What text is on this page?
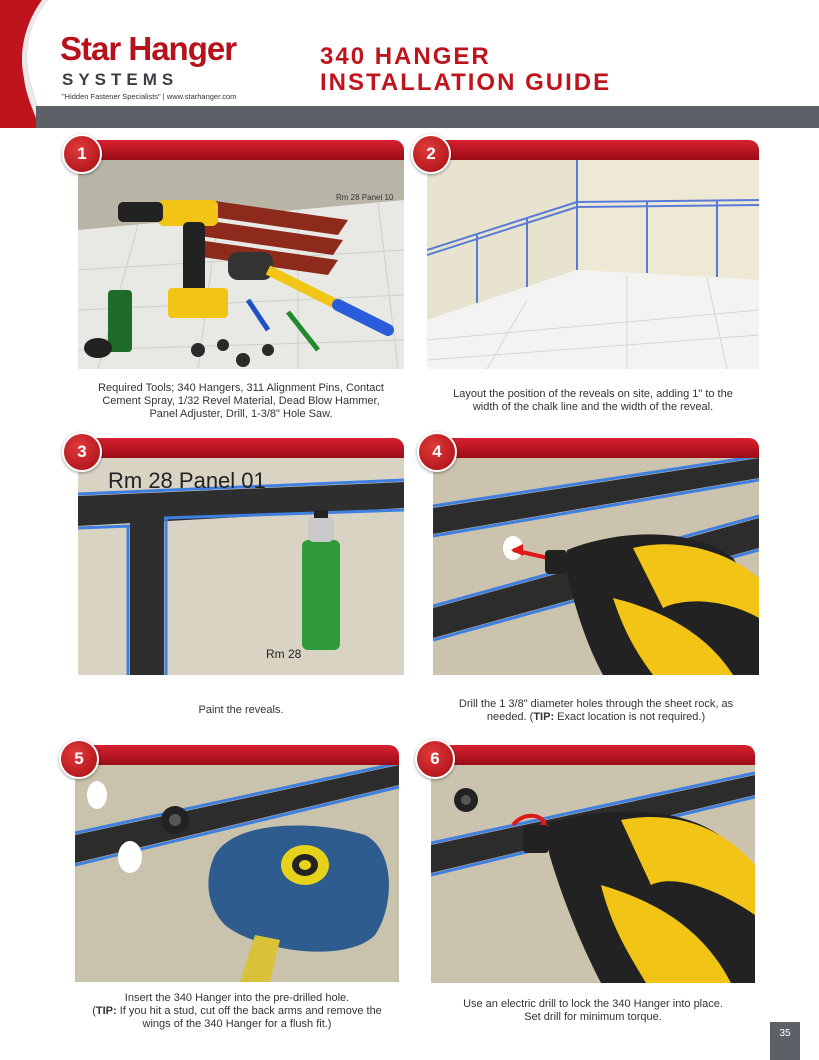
Star Hanger
SYSTEMS
"Hidden Fastener Specialists" | www.starhanger.com
340 HANGER
INSTALLATION GUIDE
1
Rm 28 Panel 10
Required Tools; 340 Hangers, 311 Alignment Pins, Contact
Cement Spray, 1/32 Revel Material, Dead Blow Hammer,
Panel Adjuster, Drill, 1-3/8" Hole Saw.
2
Layout the position of the reveals on site, adding 1" to the
width of the chalk line and the width of the reveal.
3
Rm 28 Panel 01
Rm 28
Paint the reveals.
4
Drill the 1 3/8" diameter holes through the sheet rock, as
needed. (TIP: Exact location is not required.)
5
Insert the 340 Hanger into the pre-drilled hole.
(TIP: If you hit a stud, cut off the back arms and remove the
wings of the 340 Hanger for a flush fit.)
6
Use an electric drill to lock the 340 Hanger into place.
Set drill for minimum torque.
35
